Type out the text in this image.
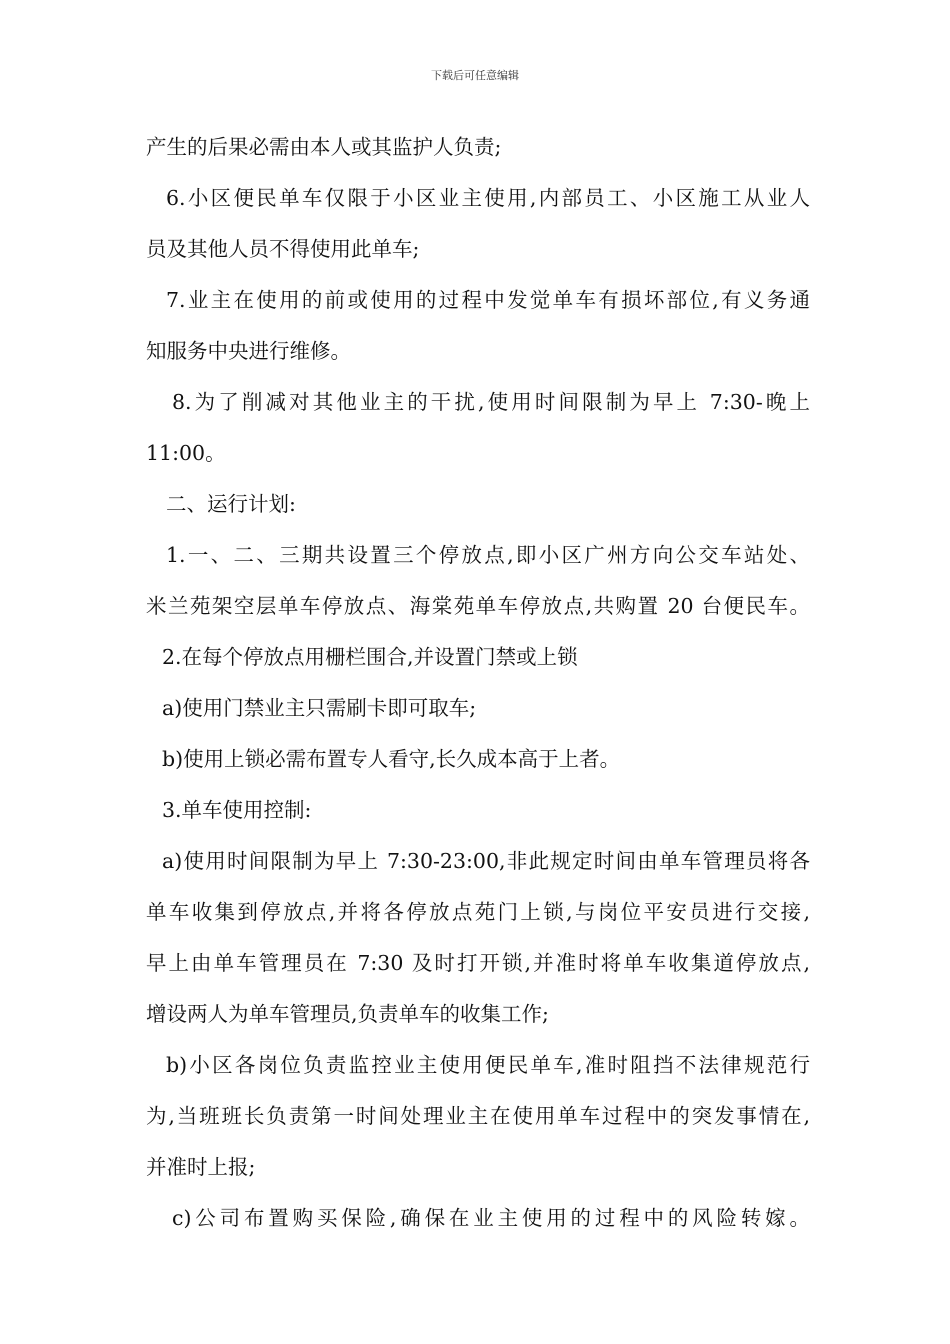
下载后可任意编辑
产生的后果必需由本人或其监护人负责;
6.小区便民单车仅限于小区业主使用,内部员工、小区施工从业人
员及其他人员不得使用此单车;
7.业主在使用的前或使用的过程中发觉单车有损坏部位,有义务通
知服务中央进行维修。
8.为了削减对其他业主的干扰,使用时间限制为早上 7:30-晚上
11:00。
二、运行计划:
1.一、二、三期共设置三个停放点,即小区广州方向公交车站处、
米兰苑架空层单车停放点、海棠苑单车停放点,共购置 20 台便民车。
2.在每个停放点用栅栏围合,并设置门禁或上锁
a)使用门禁业主只需刷卡即可取车;
b)使用上锁必需布置专人看守,长久成本高于上者。
3.单车使用控制:
a)使用时间限制为早上 7:30-23:00,非此规定时间由单车管理员将各
单车收集到停放点,并将各停放点苑门上锁,与岗位平安员进行交接,
早上由单车管理员在 7:30 及时打开锁,并准时将单车收集道停放点,
增设两人为单车管理员,负责单车的收集工作;
b)小区各岗位负责监控业主使用便民单车,准时阻挡不法律规范行
为,当班班长负责第一时间处理业主在使用单车过程中的突发事情在,
并准时上报;
c)公司布置购买保险,确保在业主使用的过程中的风险转嫁。
